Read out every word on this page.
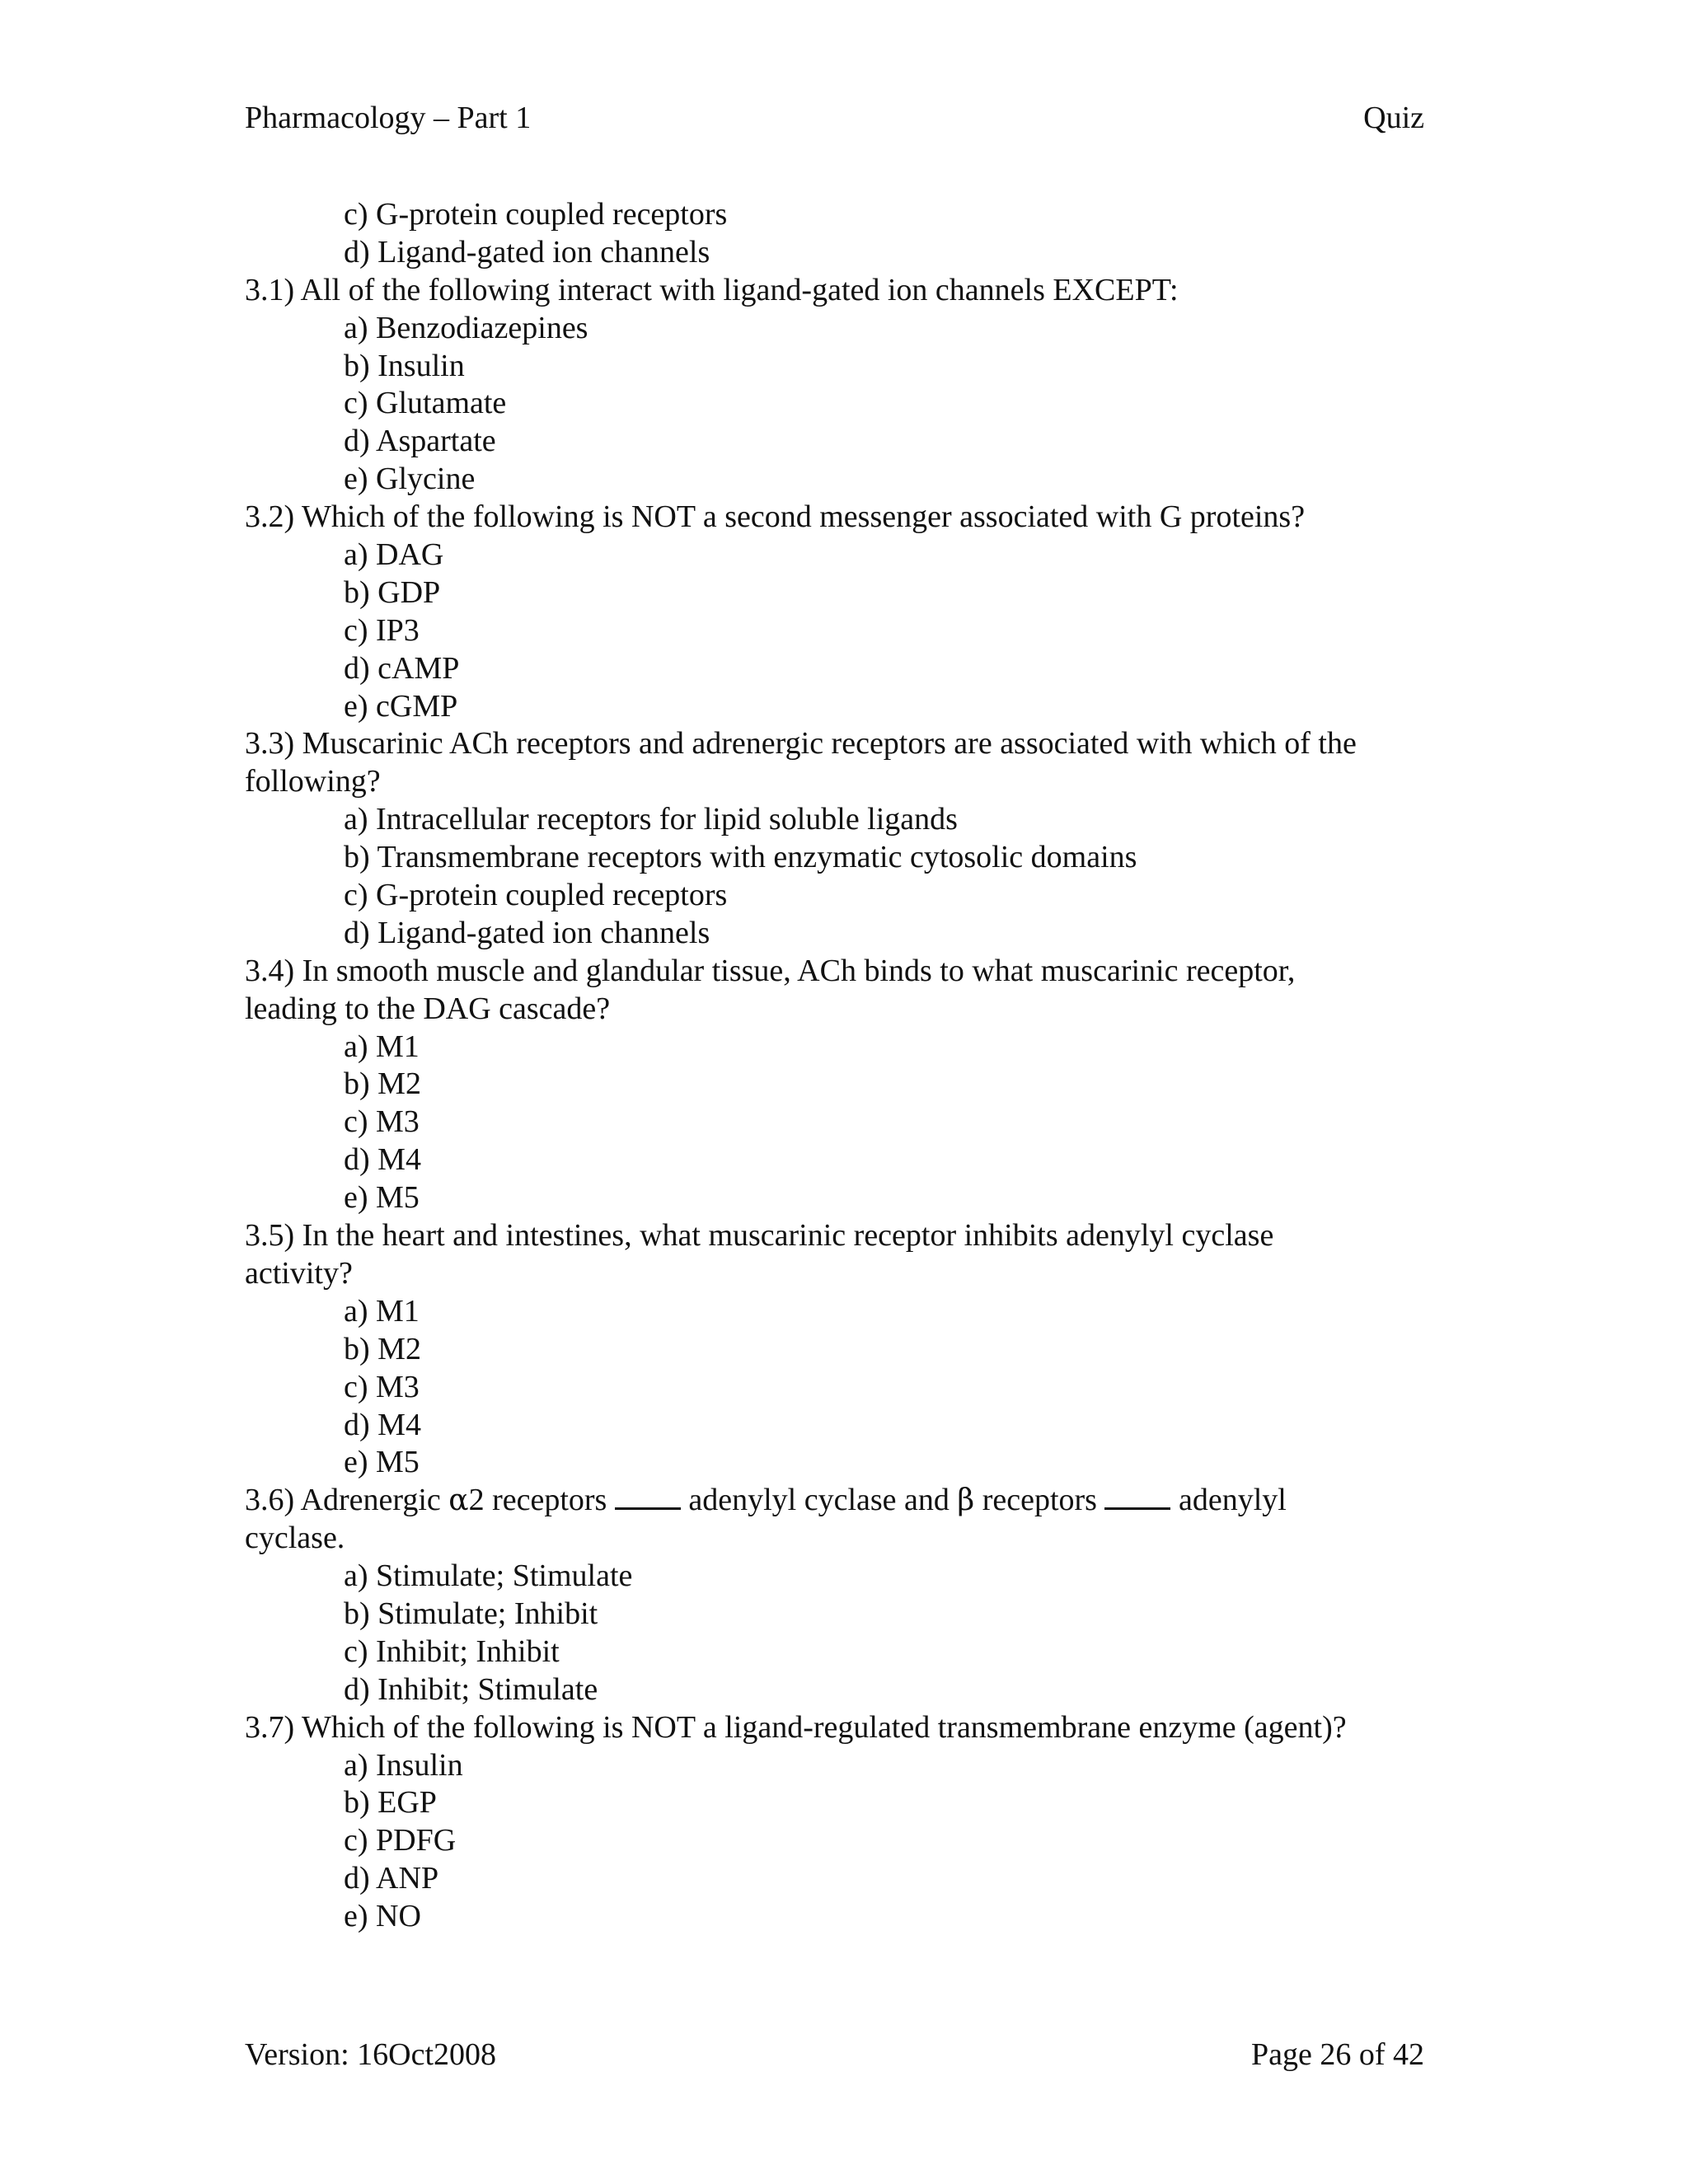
Pharmacology – Part 1	Quiz
c) G-protein coupled receptors
d) Ligand-gated ion channels
3.1) All of the following interact with ligand-gated ion channels EXCEPT:
a) Benzodiazepines
b) Insulin
c) Glutamate
d) Aspartate
e) Glycine
3.2) Which of the following is NOT a second messenger associated with G proteins?
a) DAG
b) GDP
c) IP3
d) cAMP
e) cGMP
3.3) Muscarinic ACh receptors and adrenergic receptors are associated with which of the
following?
a) Intracellular receptors for lipid soluble ligands
b) Transmembrane receptors with enzymatic cytosolic domains
c) G-protein coupled receptors
d) Ligand-gated ion channels
3.4) In smooth muscle and glandular tissue, ACh binds to what muscarinic receptor,
leading to the DAG cascade?
a) M1
b) M2
c) M3
d) M4
e) M5
3.5) In the heart and intestines, what muscarinic receptor inhibits adenylyl cyclase
activity?
a) M1
b) M2
c) M3
d) M4
e) M5
3.6) Adrenergic α2 receptors  adenylyl cyclase and β receptors  adenylyl
cyclase.
a) Stimulate; Stimulate
b) Stimulate; Inhibit
c) Inhibit; Inhibit
d) Inhibit; Stimulate
3.7) Which of the following is NOT a ligand-regulated transmembrane enzyme (agent)?
a) Insulin
b) EGP
c) PDFG
d) ANP
e) NO
Version: 16Oct2008	Page 26 of 42
